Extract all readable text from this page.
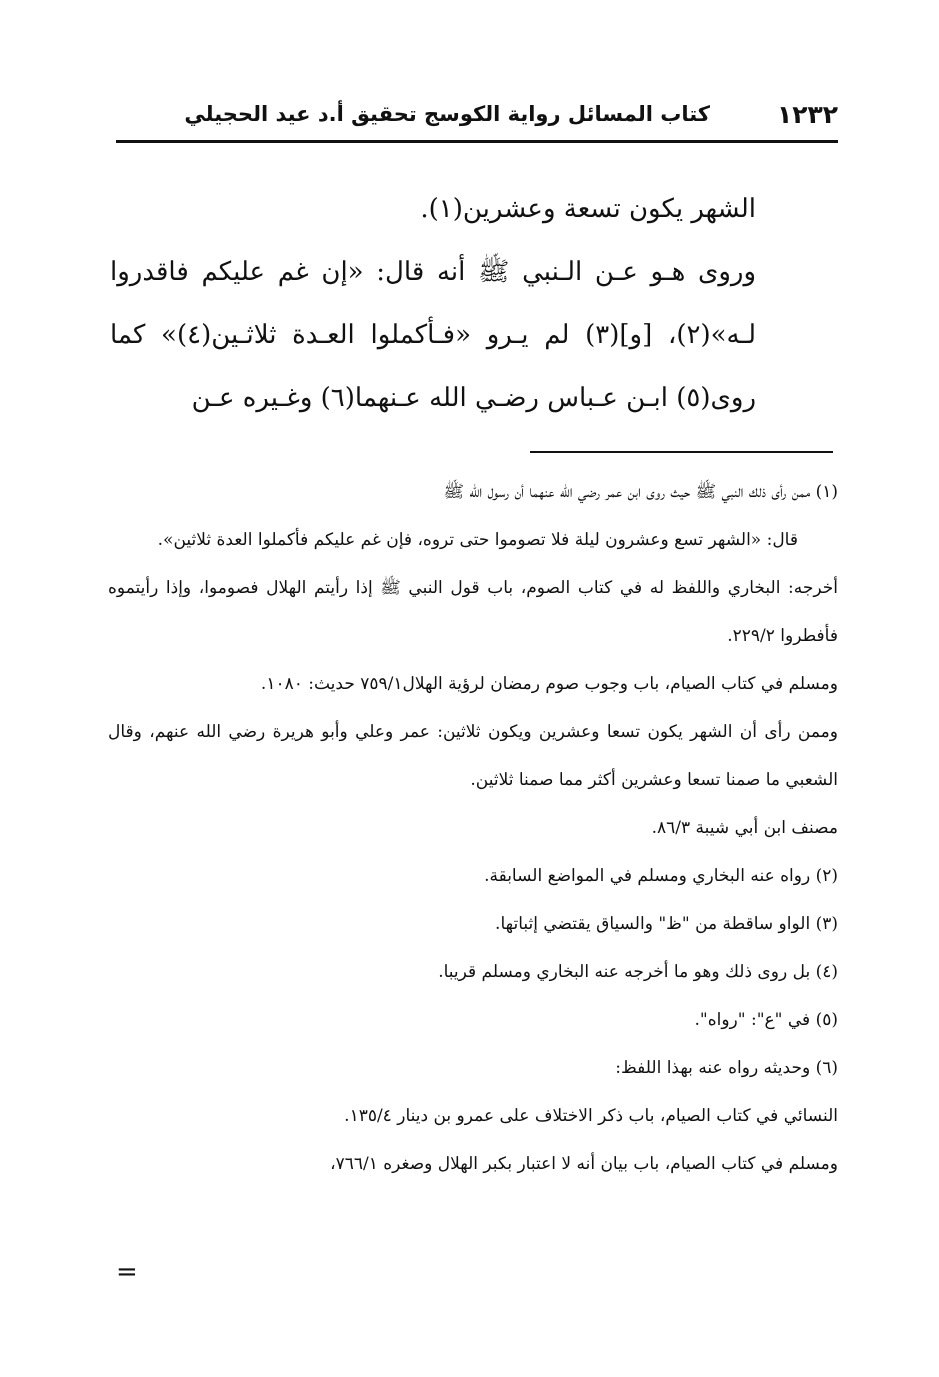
١٢٣٢
كتاب المسائل رواية الكوسج تحقيق أ.د عيد الحجيلي

الشهر يكون تسعة وعشرين(١).

وروى هـو عـن الـنبي ﷺ أنه قال: «إن غم عليكم فاقدروا لـه»(٢)، [و](٣) لم يـرو «فـأكملوا العـدة ثلاثـين(٤)» كما روى(٥) ابـن عـباس رضـي الله عـنهما(٦) وغـيره عـن

(١) ممن رأى ذلك النبي ﷺ حيث روى ابن عمر رضي الله عنهما أن رسول الله ﷺ

قال: «الشهر تسع وعشرون ليلة فلا تصوموا حتى تروه، فإن غم عليكم فأكملوا العدة ثلاثين».

أخرجه: البخاري واللفظ له في كتاب الصوم، باب قول النبي ﷺ إذا رأيتم الهلال فصوموا، وإذا رأيتموه فأفطروا ٢٢٩/٢.

ومسلم في كتاب الصيام، باب وجوب صوم رمضان لرؤية الهلال٧٥٩/١ حديث: ١٠٨٠.

وممن رأى أن الشهر يكون تسعا وعشرين ويكون ثلاثين: عمر وعلي وأبو هريرة رضي الله عنهم، وقال الشعبي ما صمنا تسعا وعشرين أكثر مما صمنا ثلاثين.

مصنف ابن أبي شيبة ٨٦/٣.

(٢) رواه عنه البخاري ومسلم في المواضع السابقة.

(٣) الواو ساقطة من "ظ" والسياق يقتضي إثباتها.

(٤) بل روى ذلك وهو ما أخرجه عنه البخاري ومسلم قريبا.

(٥) في "ع": "رواه".

(٦) وحديثه رواه عنه بهذا اللفظ:

النسائي في كتاب الصيام، باب ذكر الاختلاف على عمرو بن دينار ١٣٥/٤.

ومسلم في كتاب الصيام، باب بيان أنه لا اعتبار بكبر الهلال وصغره ٧٦٦/١،

=
